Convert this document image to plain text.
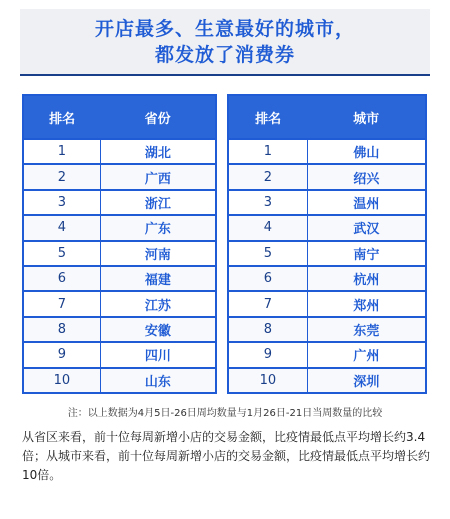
开店最多、生意最好的城市，
都发放了消费券
排名	省份
1	湖北
2	广西
3	浙江
4	广东
5	河南
6	福建
7	江苏
8	安徽
9	四川
10	山东
排名	城市
1	佛山
2	绍兴
3	温州
4	武汉
5	南宁
6	杭州
7	郑州
8	东莞
9	广州
10	深圳
注：以上数据为4月5日-26日周均数量与1月26日-21日当周数量的比较
从省区来看，前十位每周新增小店的交易金额，比疫情最低点平均增长约3.4倍；从城市来看，前十位每周新增小店的交易金额，比疫情最低点平均增长约10倍。
